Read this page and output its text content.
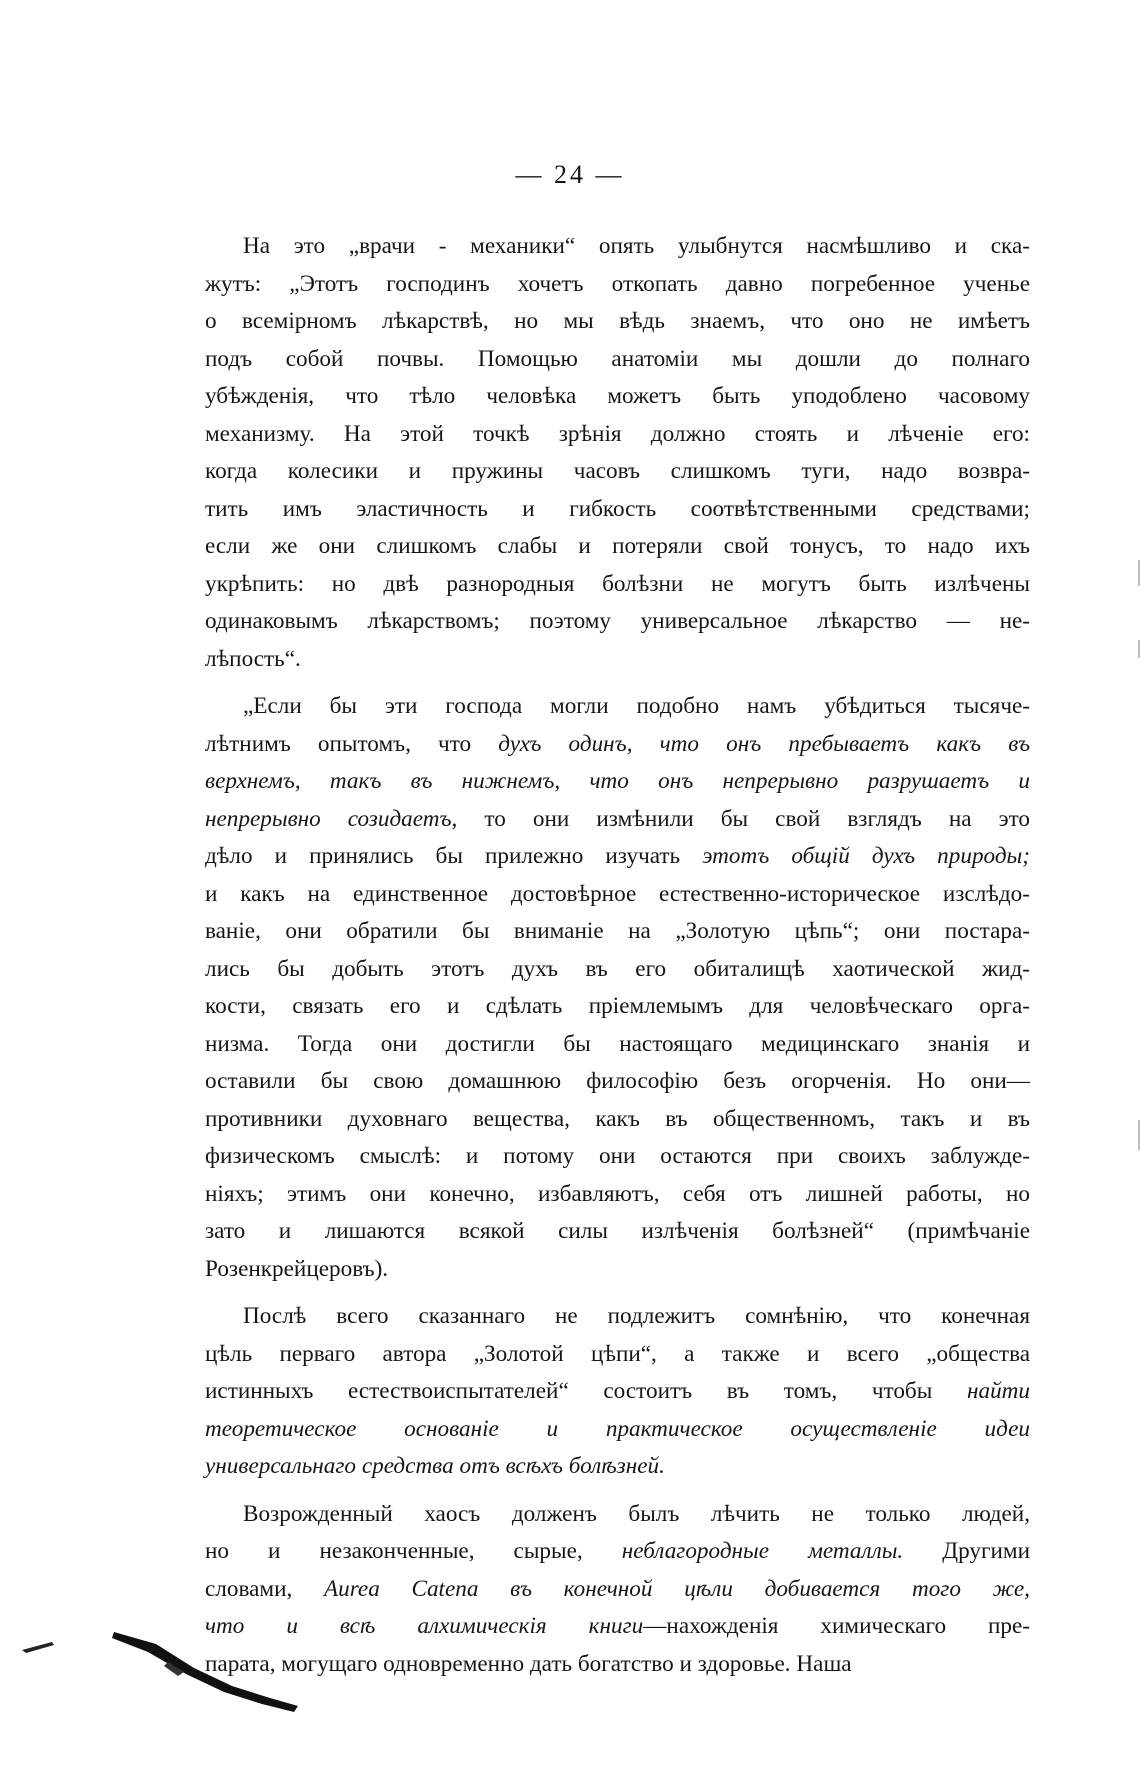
— 24 —
На это „врачи - механики“ опять улыбнутся насмѣшливо и ска-
жутъ: „Этотъ господинъ хочетъ откопать давно погребенное ученье
о всемірномъ лѣкарствѣ, но мы вѣдь знаемъ, что оно не имѣетъ
подъ собой почвы. Помощью анатоміи мы дошли до полнаго
убѣжденія, что тѣло человѣка можетъ быть уподоблено часовому
механизму. На этой точкѣ зрѣнія должно стоять и лѣченіе его:
когда колесики и пружины часовъ слишкомъ туги, надо возвра-
тить имъ эластичность и гибкость соотвѣтственными средствами;
если же они слишкомъ слабы и потеряли свой тонусъ, то надо ихъ
укрѣпить: но двѣ разнородныя болѣзни не могутъ быть излѣчены
одинаковымъ лѣкарствомъ; поэтому универсальное лѣкарство — не-
лѣпость“.
„Если бы эти господа могли подобно намъ убѣдиться тысяче-
лѣтнимъ опытомъ, что духъ одинъ, что онъ пребываетъ какъ въ
верхнемъ, такъ въ нижнемъ, что онъ непрерывно разрушаетъ и
непрерывно созидаетъ, то они измѣнили бы свой взглядъ на это
дѣло и принялись бы прилежно изучать этотъ общій духъ природы;
и какъ на единственное достовѣрное естественно-историческое изслѣдо-
ваніе, они обратили бы вниманіе на „Золотую цѣпь“; они постара-
лись бы добыть этотъ духъ въ его обиталищѣ хаотической жид-
кости, связать его и сдѣлать пріемлемымъ для человѣческаго орга-
низма. Тогда они достигли бы настоящаго медицинскаго знанія и
оставили бы свою домашнюю философію безъ огорченія. Но они—
противники духовнаго вещества, какъ въ общественномъ, такъ и въ
физическомъ смыслѣ: и потому они остаются при своихъ заблужде-
ніяхъ; этимъ они конечно, избавляютъ, себя отъ лишней работы, но
зато и лишаются всякой силы излѣченія болѣзней“ (примѣчаніе
Розенкрейцеровъ).
Послѣ всего сказаннаго не подлежитъ сомнѣнію, что конечная
цѣль перваго автора „Золотой цѣпи“, а также и всего „общества
истинныхъ естествоиспытателей“ состоитъ въ томъ, чтобы найти
теоретическое основаніе и практическое осуществленіе идеи
универсальнаго средства отъ всѣхъ болѣзней.
Возрожденный хаосъ долженъ былъ лѣчить не только людей,
но и незаконченные, сырые, неблагородные металлы. Другими
словами, Aurea Catena въ конечной цѣли добивается того же,
что и всѣ алхимическія книги—нахожденія химическаго пре-
парата, могущаго одновременно дать богатство и здоровье. Наша
